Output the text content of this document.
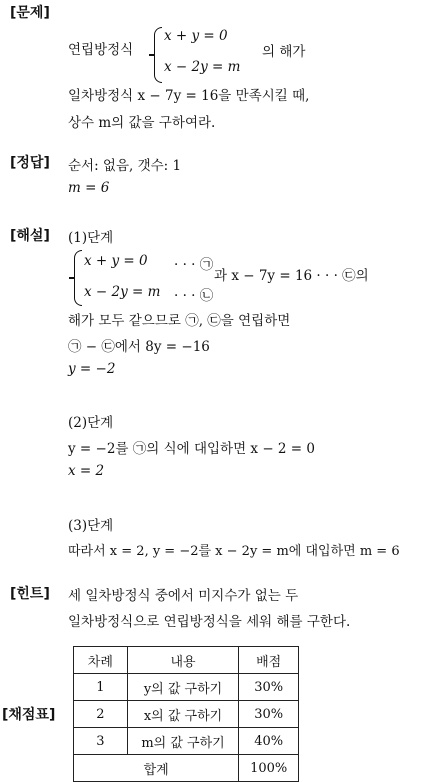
[문제]
연립방정식
x + y = 0
x − 2y = m
의 해가
일차방정식 x − 7y = 16을 만족시킬 때,
상수 m의 값을 구하여라.
[정답] 순서: 없음, 갯수: 1
m = 6
[해설] (1)단계
x + y = 0 · · · ㉠
x − 2y = m · · · ㉡
과 x − 7y = 16 · · · ㉢의
해가 모두 같으므로 ㉠, ㉢을 연립하면
㉠ − ㉢에서 8y = −16
y = −2
(2)단계
y = −2를 ㉠의 식에 대입하면 x − 2 = 0
x = 2
(3)단계
따라서 x = 2, y = −2를 x − 2y = m에 대입하면 m = 6
[힌트] 세 일차방정식 중에서 미지수가 없는 두
일차방정식으로 연립방정식을 세워 해를 구한다.
[채점표]
차례	내용	배점
1	y의 값 구하기	30%
2	x의 값 구하기	30%
3	m의 값 구하기	40%
합계		100%
